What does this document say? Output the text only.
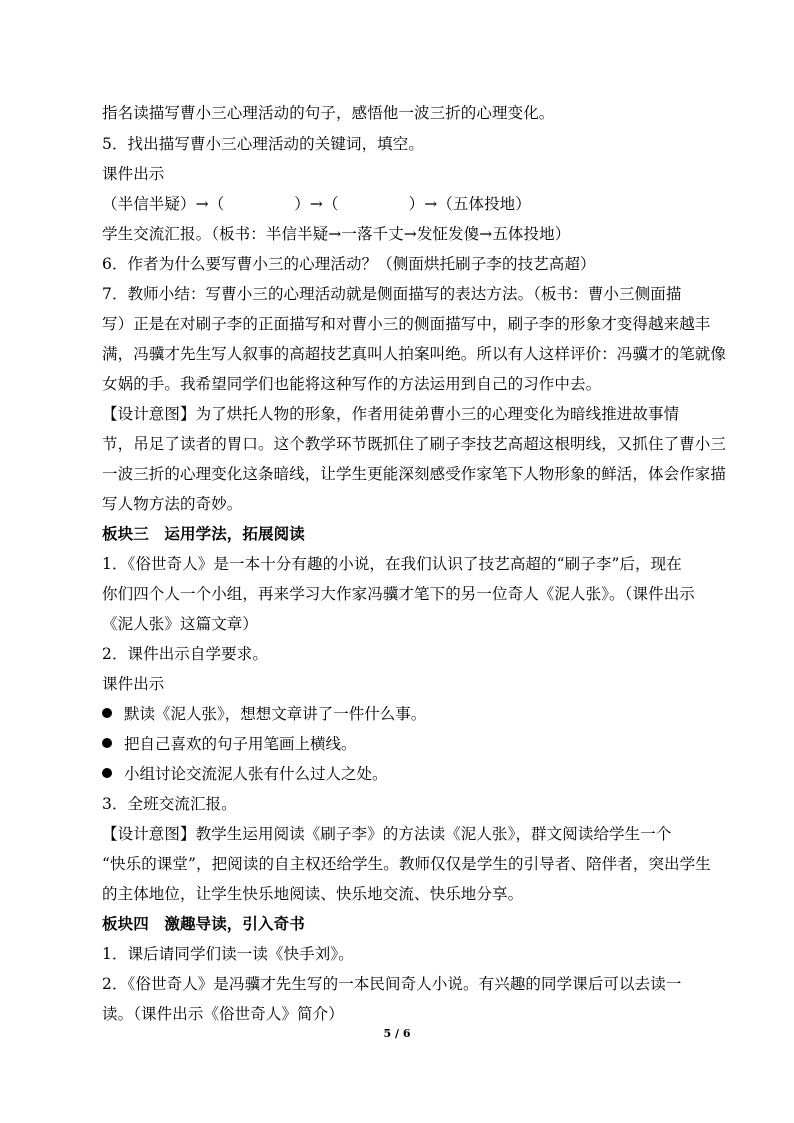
指名读描写曹小三心理活动的句子，感悟他一波三折的心理变化。
5．找出描写曹小三心理活动的关键词，填空。
课件出示
（半信半疑）→（	）→（	）→（五体投地）
学生交流汇报。（板书：半信半疑→一落千丈→发怔发傻→五体投地）
6．作者为什么要写曹小三的心理活动？（侧面烘托刷子李的技艺高超）
7．教师小结：写曹小三的心理活动就是侧面描写的表达方法。（板书：曹小三侧面描
写）正是在对刷子李的正面描写和对曹小三的侧面描写中，刷子李的形象才变得越来越丰
满，冯骥才先生写人叙事的高超技艺真叫人拍案叫绝。所以有人这样评价：冯骥才的笔就像
女娲的手。我希望同学们也能将这种写作的方法运用到自己的习作中去。
【设计意图】为了烘托人物的形象，作者用徒弟曹小三的心理变化为暗线推进故事情
节，吊足了读者的胃口。这个教学环节既抓住了刷子李技艺高超这根明线，又抓住了曹小三
一波三折的心理变化这条暗线，让学生更能深刻感受作家笔下人物形象的鲜活，体会作家描
写人物方法的奇妙。
板块三　运用学法，拓展阅读
1．《俗世奇人》是一本十分有趣的小说，在我们认识了技艺高超的“刷子李”后，现在
你们四个人一个小组，再来学习大作家冯骥才笔下的另一位奇人《泥人张》。（课件出示
《泥人张》这篇文章）
2．课件出示自学要求。
课件出示
默读《泥人张》，想想文章讲了一件什么事。
把自己喜欢的句子用笔画上横线。
小组讨论交流泥人张有什么过人之处。
3．全班交流汇报。
【设计意图】教学生运用阅读《刷子李》的方法读《泥人张》，群文阅读给学生一个
“快乐的课堂”，把阅读的自主权还给学生。教师仅仅是学生的引导者、陪伴者，突出学生
的主体地位，让学生快乐地阅读、快乐地交流、快乐地分享。
板块四　激趣导读，引入奇书
1．课后请同学们读一读《快手刘》。
2．《俗世奇人》是冯骥才先生写的一本民间奇人小说。有兴趣的同学课后可以去读一
读。（课件出示《俗世奇人》简介）
5 / 6
